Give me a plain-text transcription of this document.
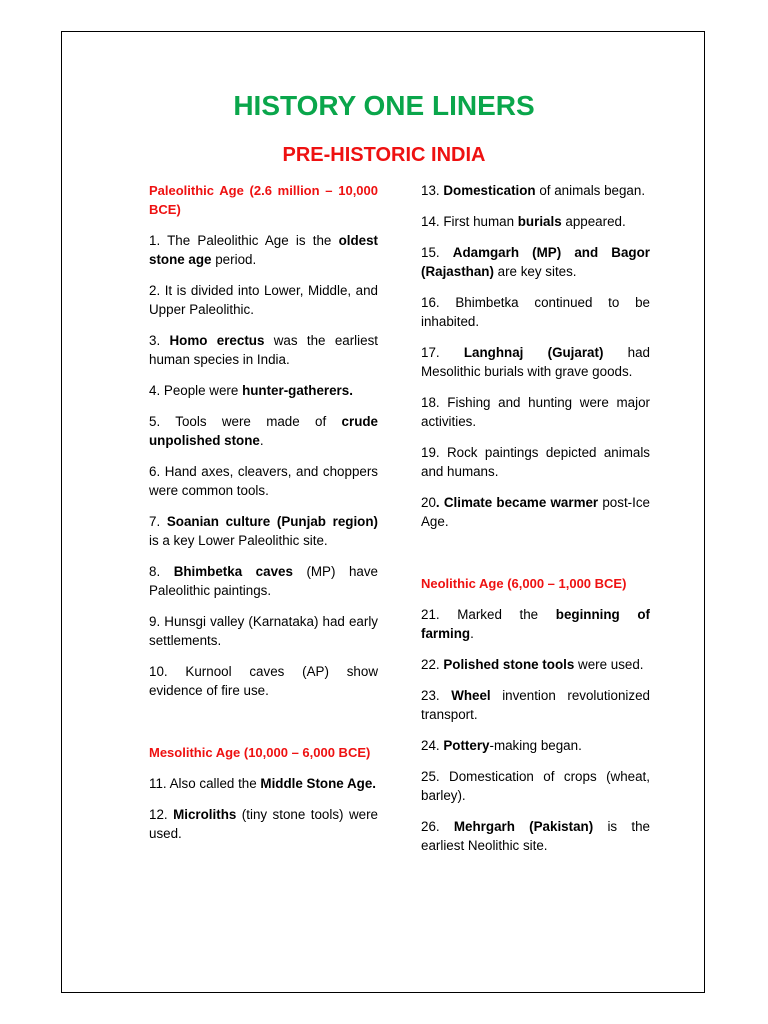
HISTORY ONE LINERS
PRE-HISTORIC INDIA

Paleolithic Age (2.6 million – 10,000 BCE)

1. The Paleolithic Age is the oldest stone age period.

2. It is divided into Lower, Middle, and Upper Paleolithic.

3. Homo erectus was the earliest human species in India.

4. People were hunter-gatherers.

5. Tools were made of crude unpolished stone.

6. Hand axes, cleavers, and choppers were common tools.

7. Soanian culture (Punjab region) is a key Lower Paleolithic site.

8. Bhimbetka caves (MP) have Paleolithic paintings.

9. Hunsgi valley (Karnataka) had early settlements.

10. Kurnool caves (AP) show evidence of fire use.

Mesolithic Age (10,000 – 6,000 BCE)

11. Also called the Middle Stone Age.

12. Microliths (tiny stone tools) were used.

13. Domestication of animals began.

14. First human burials appeared.

15. Adamgarh (MP) and Bagor (Rajasthan) are key sites.

16. Bhimbetka continued to be inhabited.

17. Langhnaj (Gujarat) had Mesolithic burials with grave goods.

18. Fishing and hunting were major activities.

19. Rock paintings depicted animals and humans.

20. Climate became warmer post-Ice Age.

Neolithic Age (6,000 – 1,000 BCE)

21. Marked the beginning of farming.

22. Polished stone tools were used.

23. Wheel invention revolutionized transport.

24. Pottery-making began.

25. Domestication of crops (wheat, barley).

26. Mehrgarh (Pakistan) is the earliest Neolithic site.
